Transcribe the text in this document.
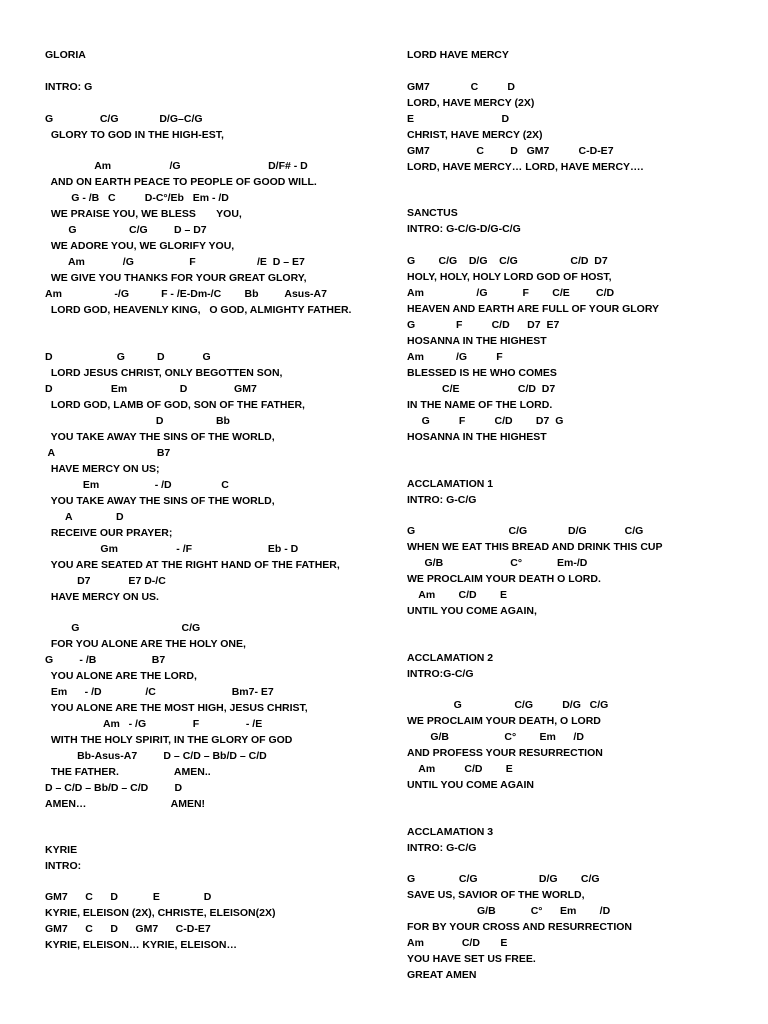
GLORIA
INTRO: G
G                C/G              D/G–C/G
GLORY TO GOD IN THE HIGH-EST,
Am                    /G                              D/F# - D
AND ON EARTH PEACE TO PEOPLE OF GOOD WILL.
G - /B   C          D-C°/Eb   Em - /D
WE PRAISE YOU, WE BLESS       YOU,
G                  C/G         D – D7
WE ADORE YOU, WE GLORIFY YOU,
Am             /G                   F                     /E  D – E7
WE GIVE YOU THANKS FOR YOUR GREAT GLORY,
Am                  -/G           F - /E-Dm-/C        Bb         Asus-A7
LORD GOD, HEAVENLY KING,   O GOD, ALMIGHTY FATHER.
D                      G           D             G
LORD JESUS CHRIST, ONLY BEGOTTEN SON,
D                    Em                  D                GM7
LORD GOD, LAMB OF GOD, SON OF THE FATHER,
D                  Bb
YOU TAKE AWAY THE SINS OF THE WORLD,
A                                   B7
HAVE MERCY ON US;
Em                   - /D                 C
YOU TAKE AWAY THE SINS OF THE WORLD,
A               D
RECEIVE OUR PRAYER;
Gm                    - /F                          Eb - D
YOU ARE SEATED AT THE RIGHT HAND OF THE FATHER,
D7             E7 D-/C
HAVE MERCY ON US.
G                                   C/G
FOR YOU ALONE ARE THE HOLY ONE,
G         - /B                   B7
YOU ALONE ARE THE LORD,
Em      - /D               /C                          Bm7- E7
YOU ALONE ARE THE MOST HIGH, JESUS CHRIST,
Am   - /G                F                - /E
WITH THE HOLY SPIRIT, IN THE GLORY OF GOD
Bb-Asus-A7         D – C/D – Bb/D – C/D
THE FATHER.                   AMEN..
D – C/D – Bb/D – C/D         D
AMEN…                             AMEN!
KYRIE
INTRO:
GM7      C      D            E               D
KYRIE, ELEISON (2X), CHRISTE, ELEISON(2X)
GM7      C      D      GM7      C-D-E7
KYRIE, ELEISON… KYRIE, ELEISON…
LORD HAVE MERCY
GM7              C          D
LORD, HAVE MERCY (2X)
E                              D
CHRIST, HAVE MERCY (2X)
GM7                C         D   GM7          C-D-E7
LORD, HAVE MERCY… LORD, HAVE MERCY….
SANCTUS
INTRO: G-C/G-D/G-C/G
G        C/G    D/G    C/G                  C/D  D7
HOLY, HOLY, HOLY LORD GOD OF HOST,
Am                  /G            F        C/E         C/D
HEAVEN AND EARTH ARE FULL OF YOUR GLORY
G              F          C/D      D7  E7
HOSANNA IN THE HIGHEST
Am           /G          F
BLESSED IS HE WHO COMES
C/E                    C/D  D7
IN THE NAME OF THE LORD.
G          F          C/D        D7  G
HOSANNA IN THE HIGHEST
ACCLAMATION 1
INTRO: G-C/G
G                                C/G              D/G             C/G
WHEN WE EAT THIS BREAD AND DRINK THIS CUP
G/B                       C°            Em-/D
WE PROCLAIM YOUR DEATH O LORD.
Am        C/D        E
UNTIL YOU COME AGAIN,
ACCLAMATION 2
INTRO:G-C/G
G                  C/G          D/G   C/G
WE PROCLAIM YOUR DEATH, O LORD
G/B                   C°        Em      /D
AND PROFESS YOUR RESURRECTION
Am          C/D        E
UNTIL YOU COME AGAIN
ACCLAMATION 3
INTRO: G-C/G
G               C/G                     D/G        C/G
SAVE US, SAVIOR OF THE WORLD,
G/B            C°      Em        /D
FOR BY YOUR CROSS AND RESURRECTION
Am             C/D       E
YOU HAVE SET US FREE.
GREAT AMEN
